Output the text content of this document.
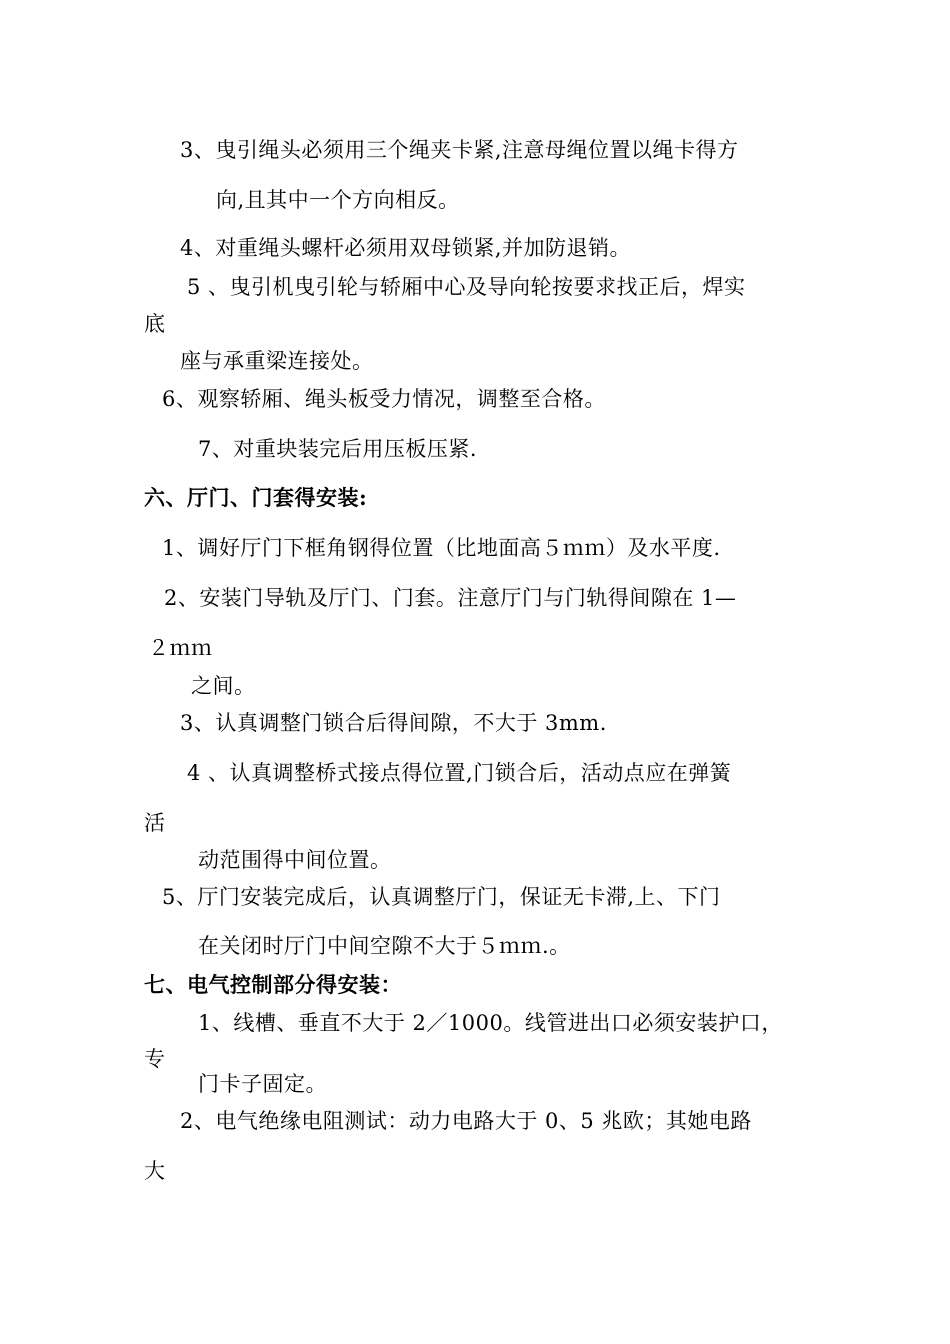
3、曳引绳头必须用三个绳夹卡紧,注意母绳位置以绳卡得方
向,且其中一个方向相反。
4、对重绳头螺杆必须用双母锁紧,并加防退销。
5 、曳引机曳引轮与轿厢中心及导向轮按要求找正后，焊实
底
座与承重梁连接处。
6、观察轿厢、绳头板受力情况，调整至合格。
7、对重块装完后用压板压紧.
六、厅门、门套得安装:
1、调好厅门下框角钢得位置（比地面高５ｍｍ）及水平度.
2、安装门导轨及厅门、门套。注意厅门与门轨得间隙在 1—
２ｍｍ
之间。
3、认真调整门锁合后得间隙，不大于 3mm.
4 、认真调整桥式接点得位置,门锁合后，活动点应在弹簧
活
动范围得中间位置。
5、厅门安装完成后，认真调整厅门，保证无卡滞,上、下门
在关闭时厅门中间空隙不大于５ｍｍ.。
七、电气控制部分得安装：
1、线槽、垂直不大于 2／1000。线管进出口必须安装护口，
专
门卡子固定。
2、电气绝缘电阻测试：动力电路大于 0、5 兆欧；其她电路
大
